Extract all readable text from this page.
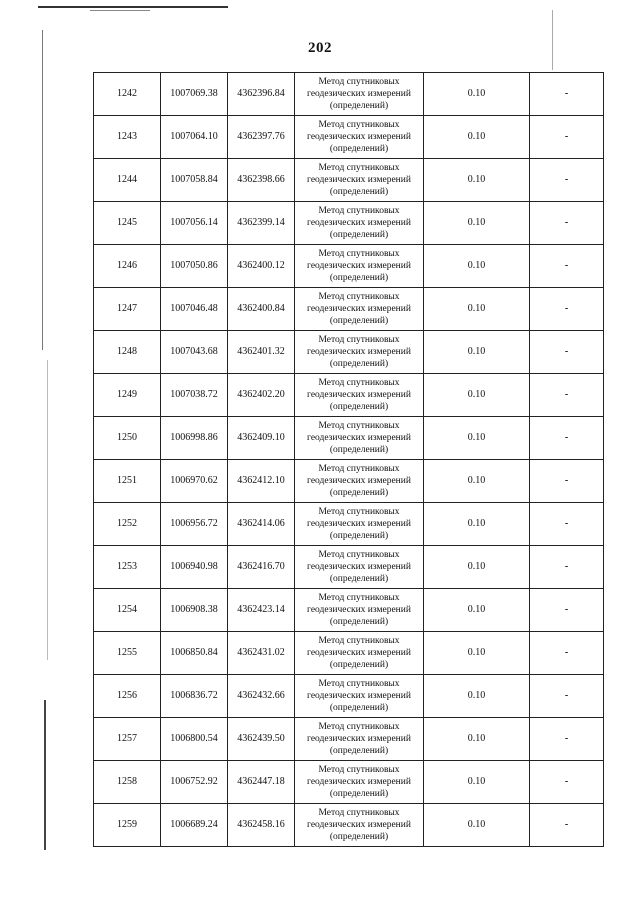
202
1242	1007069.38	4362396.84	Метод спутниковых
геодезических измерений
(определений)	0.10	-
1243	1007064.10	4362397.76	Метод спутниковых
геодезических измерений
(определений)	0.10	-
1244	1007058.84	4362398.66	Метод спутниковых
геодезических измерений
(определений)	0.10	-
1245	1007056.14	4362399.14	Метод спутниковых
геодезических измерений
(определений)	0.10	-
1246	1007050.86	4362400.12	Метод спутниковых
геодезических измерений
(определений)	0.10	-
1247	1007046.48	4362400.84	Метод спутниковых
геодезических измерений
(определений)	0.10	-
1248	1007043.68	4362401.32	Метод спутниковых
геодезических измерений
(определений)	0.10	-
1249	1007038.72	4362402.20	Метод спутниковых
геодезических измерений
(определений)	0.10	-
1250	1006998.86	4362409.10	Метод спутниковых
геодезических измерений
(определений)	0.10	-
1251	1006970.62	4362412.10	Метод спутниковых
геодезических измерений
(определений)	0.10	-
1252	1006956.72	4362414.06	Метод спутниковых
геодезических измерений
(определений)	0.10	-
1253	1006940.98	4362416.70	Метод спутниковых
геодезических измерений
(определений)	0.10	-
1254	1006908.38	4362423.14	Метод спутниковых
геодезических измерений
(определений)	0.10	-
1255	1006850.84	4362431.02	Метод спутниковых
геодезических измерений
(определений)	0.10	-
1256	1006836.72	4362432.66	Метод спутниковых
геодезических измерений
(определений)	0.10	-
1257	1006800.54	4362439.50	Метод спутниковых
геодезических измерений
(определений)	0.10	-
1258	1006752.92	4362447.18	Метод спутниковых
геодезических измерений
(определений)	0.10	-
1259	1006689.24	4362458.16	Метод спутниковых
геодезических измерений
(определений)	0.10	-
